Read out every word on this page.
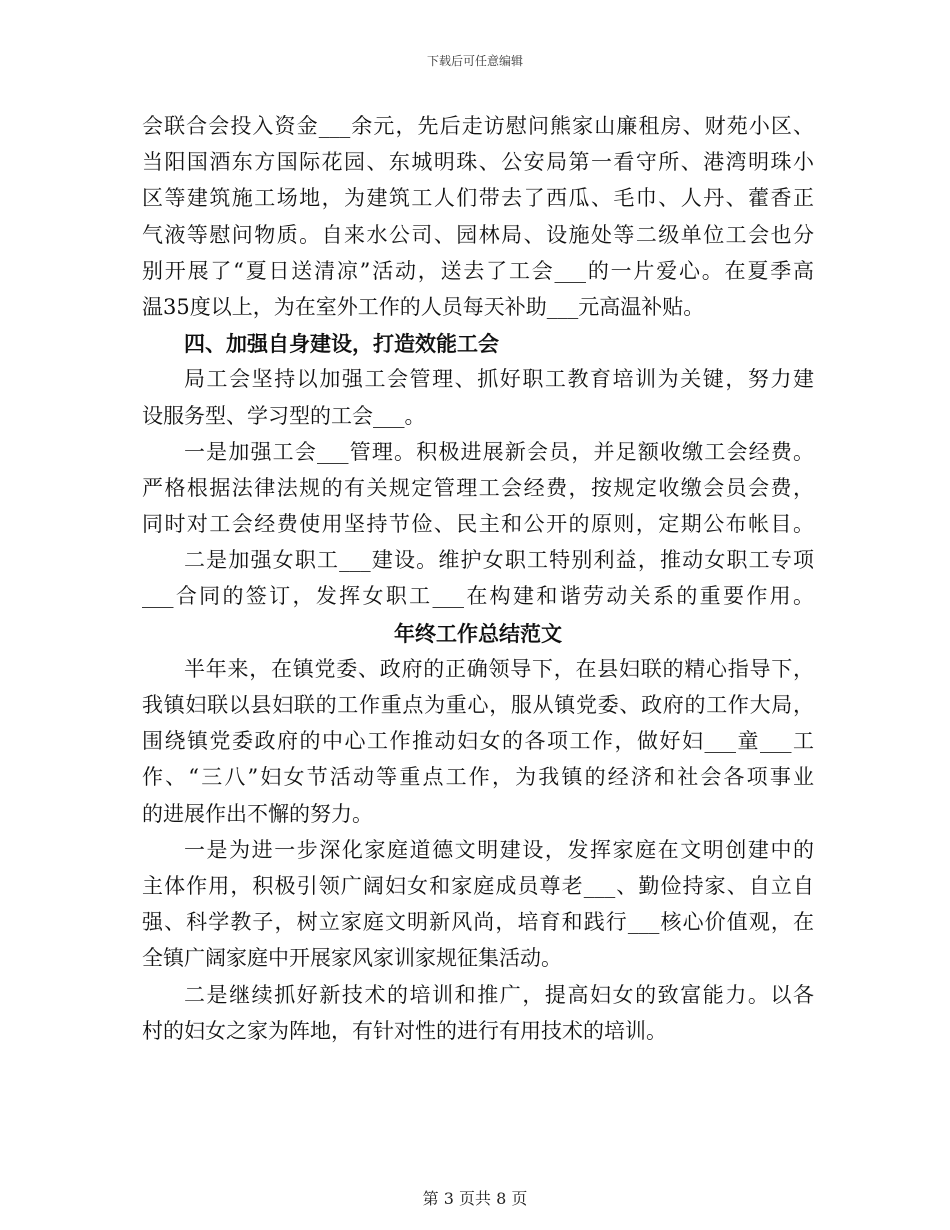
下载后可任意编辑
会联合会投入资金___余元，先后走访慰问熊家山廉租房、财苑小区、
当阳国酒东方国际花园、东城明珠、公安局第一看守所、港湾明珠小
区等建筑施工场地，为建筑工人们带去了西瓜、毛巾、人丹、藿香正
气液等慰问物质。自来水公司、园林局、设施处等二级单位工会也分
别开展了“夏日送清凉”活动，送去了工会___的一片爱心。在夏季高
温35度以上，为在室外工作的人员每天补助___元高温补贴。
四、加强自身建设，打造效能工会
局工会坚持以加强工会管理、抓好职工教育培训为关键，努力建
设服务型、学习型的工会___。
一是加强工会___管理。积极进展新会员，并足额收缴工会经费。
严格根据法律法规的有关规定管理工会经费，按规定收缴会员会费，
同时对工会经费使用坚持节俭、民主和公开的原则，定期公布帐目。
二是加强女职工___建设。维护女职工特别利益，推动女职工专项
___合同的签订，发挥女职工___在构建和谐劳动关系的重要作用。
年终工作总结范文
半年来，在镇党委、政府的正确领导下，在县妇联的精心指导下，
我镇妇联以县妇联的工作重点为重心，服从镇党委、政府的工作大局，
围绕镇党委政府的中心工作推动妇女的各项工作，做好妇___童___工
作、“三八”妇女节活动等重点工作，为我镇的经济和社会各项事业
的进展作出不懈的努力。
一是为进一步深化家庭道德文明建设，发挥家庭在文明创建中的
主体作用，积极引领广阔妇女和家庭成员尊老___、勤俭持家、自立自
强、科学教子，树立家庭文明新风尚，培育和践行___核心价值观，在
全镇广阔家庭中开展家风家训家规征集活动。
二是继续抓好新技术的培训和推广，提高妇女的致富能力。以各
村的妇女之家为阵地，有针对性的进行有用技术的培训。
第 3 页共 8 页
